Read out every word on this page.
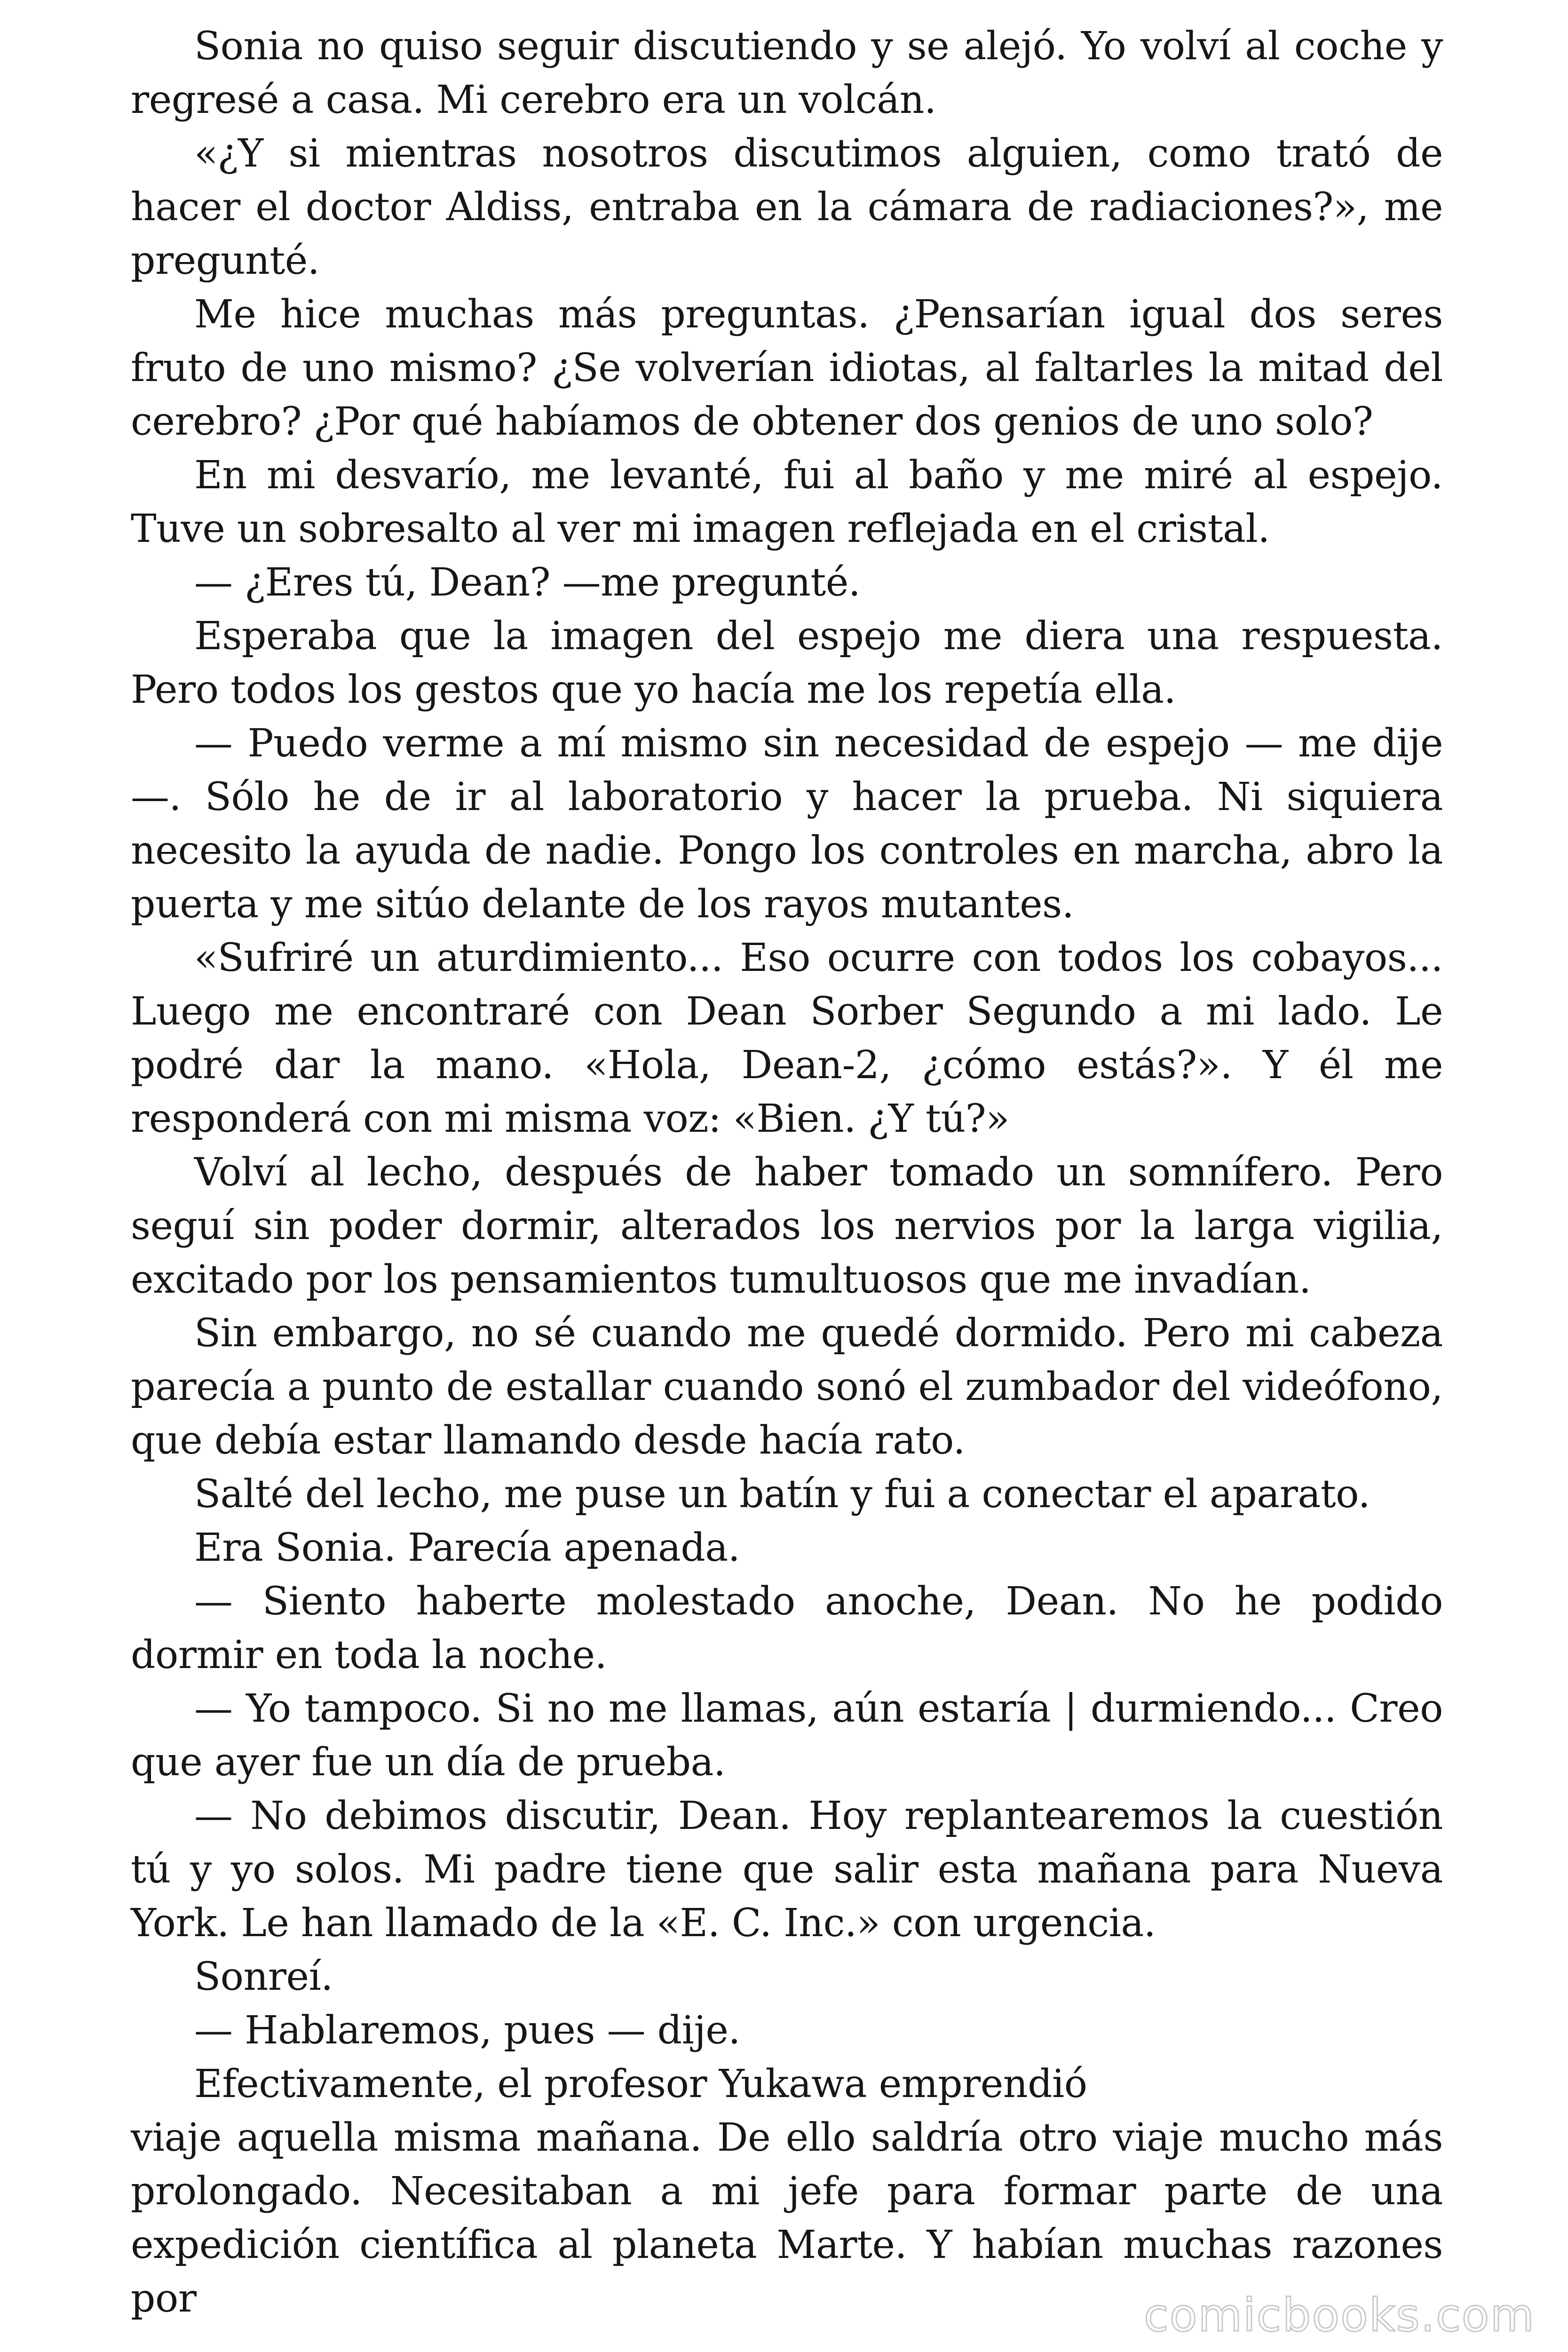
Sonia no quiso seguir discutiendo y se alejó. Yo volví al coche y regresé a casa. Mi cerebro era un volcán.

«¿Y si mientras nosotros discutimos alguien, como trató de hacer el doctor Aldiss, entraba en la cámara de radiaciones?», me pregunté.

Me hice muchas más preguntas. ¿Pensarían igual dos seres fruto de uno mismo? ¿Se volverían idiotas, al faltarles la mitad del cerebro? ¿Por qué habíamos de obtener dos genios de uno solo?

En mi desvarío, me levanté, fui al baño y me miré al espejo. Tuve un sobresalto al ver mi imagen reflejada en el cristal.

— ¿Eres tú, Dean? —me pregunté.

Esperaba que la imagen del espejo me diera una respuesta. Pero todos los gestos que yo hacía me los repetía ella.

— Puedo verme a mí mismo sin necesidad de espejo — me dije —. Sólo he de ir al laboratorio y hacer la prueba. Ni siquiera necesito la ayuda de nadie. Pongo los controles en marcha, abro la puerta y me sitúo delante de los rayos mutantes.

«Sufriré un aturdimiento... Eso ocurre con todos los cobayos... Luego me encontraré con Dean Sorber Segundo a mi lado. Le podré dar la mano. «Hola, Dean-2, ¿cómo estás?». Y él me responderá con mi misma voz: «Bien. ¿Y tú?»

Volví al lecho, después de haber tomado un somnífero. Pero seguí sin poder dormir, alterados los nervios por la larga vigilia, excitado por los pensamientos tumultuosos que me invadían.

Sin embargo, no sé cuando me quedé dormido. Pero mi cabeza parecía a punto de estallar cuando sonó el zumbador del videófono, que debía estar llamando desde hacía rato.

Salté del lecho, me puse un batín y fui a conectar el aparato.

Era Sonia. Parecía apenada.

— Siento haberte molestado anoche, Dean. No he podido dormir en toda la noche.

— Yo tampoco. Si no me llamas, aún estaría | durmiendo... Creo que ayer fue un día de prueba.

— No debimos discutir, Dean. Hoy replantearemos la cuestión tú y yo solos. Mi padre tiene que salir esta mañana para Nueva York. Le han llamado de la «E. C. Inc.» con urgencia.

Sonreí.

— Hablaremos, pues — dije.

Efectivamente, el profesor Yukawa emprendió

viaje aquella misma mañana. De ello saldría otro viaje mucho más prolongado. Necesitaban a mi jefe para formar parte de una expedición científica al planeta Marte. Y habían muchas razones por	comicbooks.com
